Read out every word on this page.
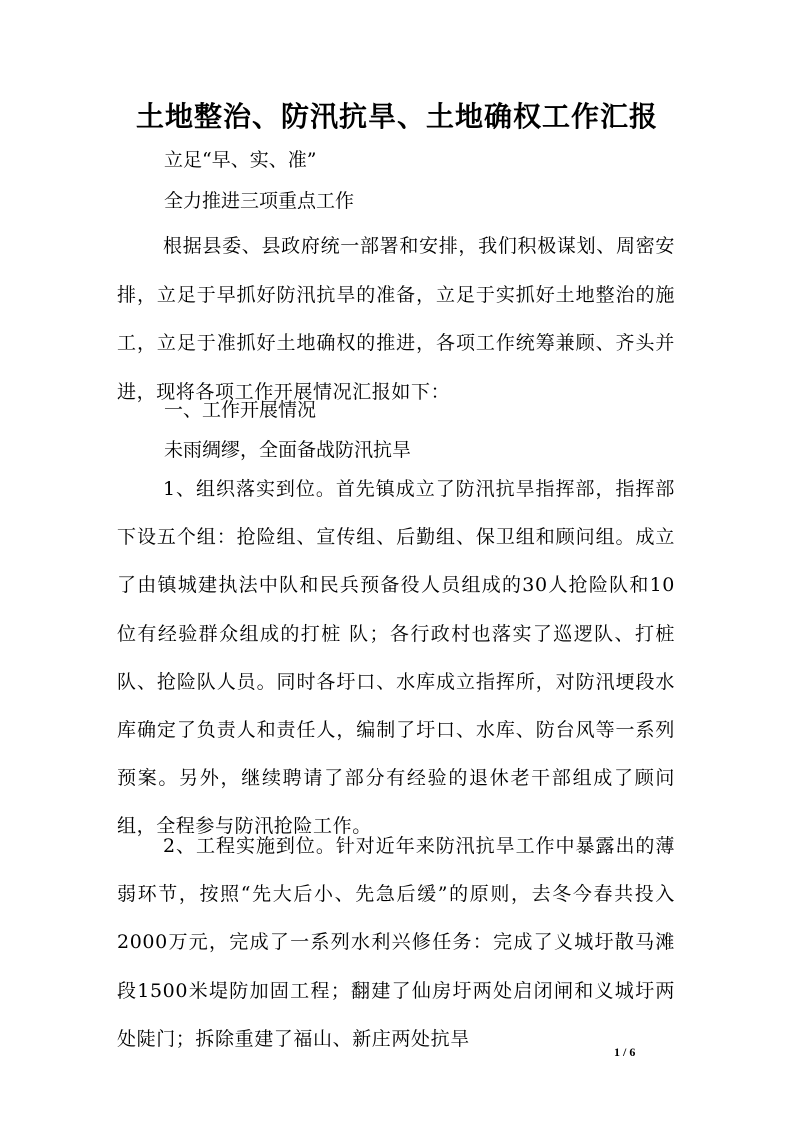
土地整治、防汛抗旱、土地确权工作汇报

立足“早、实、准”

全力推进三项重点工作

根据县委、县政府统一部署和安排，我们积极谋划、周密安排，立足于早抓好防汛抗旱的准备，立足于实抓好土地整治的施工，立足于准抓好土地确权的推进，各项工作统筹兼顾、齐头并进，现将各项工作开展情况汇报如下：

一、工作开展情况

未雨绸缪，全面备战防汛抗旱

1、组织落实到位。首先镇成立了防汛抗旱指挥部，指挥部下设五个组：抢险组、宣传组、后勤组、保卫组和顾问组。成立了由镇城建执法中队和民兵预备役人员组成的30人抢险队和10位有经验群众组成的打桩 队；各行政村也落实了巡逻队、打桩队、抢险队人员。同时各圩口、水库成立指挥所，对防汛埂段水库确定了负责人和责任人，编制了圩口、水库、防台风等一系列预案。另外，继续聘请了部分有经验的退休老干部组成了顾问组，全程参与防汛抢险工作。

2、工程实施到位。针对近年来防汛抗旱工作中暴露出的薄弱环节，按照“先大后小、先急后缓”的原则，去冬今春共投入2000万元，完成了一系列水利兴修任务：完成了义城圩散马滩段1500米堤防加固工程；翻建了仙房圩两处启闭闸和义城圩两处陡门；拆除重建了福山、新庄两处抗旱

1 / 6
